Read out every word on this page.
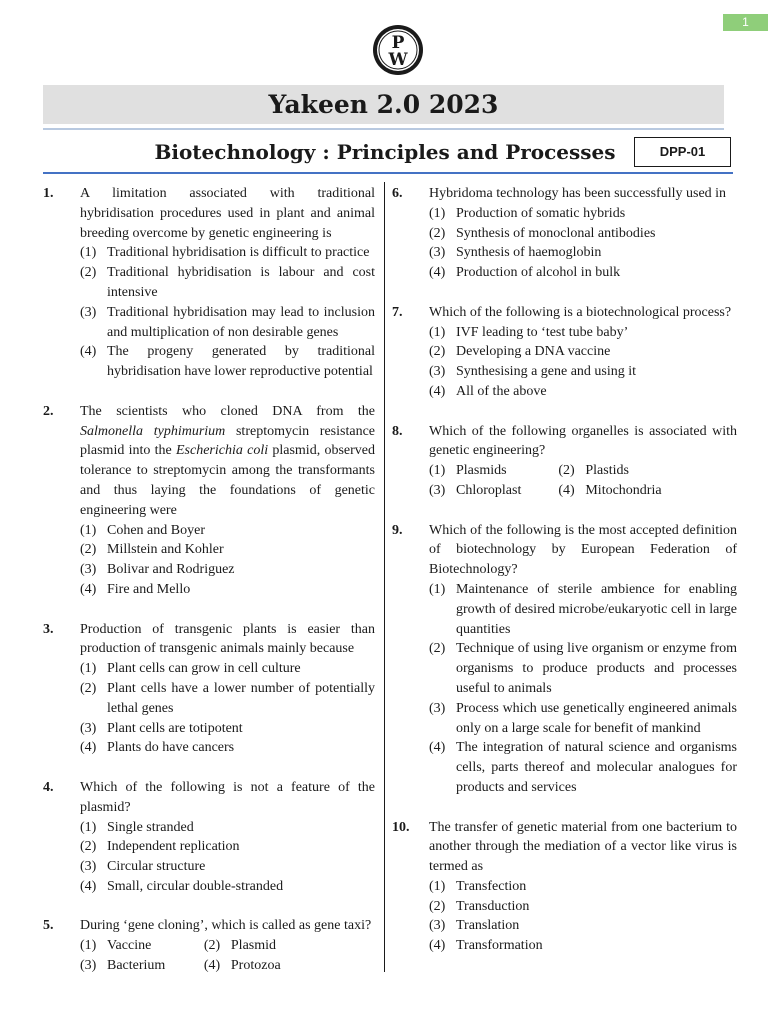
1
P
W
Yakeen 2.0 2023
Biotechnology : Principles and Processes	DPP-01
1.	A limitation associated with traditional hybridisation procedures used in plant and animal breeding overcome by genetic engineering is
(1) Traditional hybridisation is difficult to practice
(2) Traditional hybridisation is labour and cost intensive
(3) Traditional hybridisation may lead to inclusion and multiplication of non desirable genes
(4) The progeny generated by traditional hybridisation have lower reproductive potential
2.	The scientists who cloned DNA from the Salmonella typhimurium streptomycin resistance plasmid into the Escherichia coli plasmid, observed tolerance to streptomycin among the transformants and thus laying the foundations of genetic engineering were
(1) Cohen and Boyer
(2) Millstein and Kohler
(3) Bolivar and Rodriguez
(4) Fire and Mello
3.	Production of transgenic plants is easier than production of transgenic animals mainly because
(1) Plant cells can grow in cell culture
(2) Plant cells have a lower number of potentially lethal genes
(3) Plant cells are totipotent
(4) Plants do have cancers
4.	Which of the following is not a feature of the plasmid?
(1) Single stranded
(2) Independent replication
(3) Circular structure
(4) Small, circular double-stranded
5.	During ‘gene cloning’, which is called as gene taxi?
(1) Vaccine	(2) Plasmid
(3) Bacterium	(4) Protozoa
6.	Hybridoma technology has been successfully used in
(1) Production of somatic hybrids
(2) Synthesis of monoclonal antibodies
(3) Synthesis of haemoglobin
(4) Production of alcohol in bulk
7.	Which of the following is a biotechnological process?
(1) IVF leading to ‘test tube baby’
(2) Developing a DNA vaccine
(3) Synthesising a gene and using it
(4) All of the above
8.	Which of the following organelles is associated with genetic engineering?
(1) Plasmids	(2) Plastids
(3) Chloroplast	(4) Mitochondria
9.	Which of the following is the most accepted definition of biotechnology by European Federation of Biotechnology?
(1) Maintenance of sterile ambience for enabling growth of desired microbe/eukaryotic cell in large quantities
(2) Technique of using live organism or enzyme from organisms to produce products and processes useful to animals
(3) Process which use genetically engineered animals only on a large scale for benefit of mankind
(4) The integration of natural science and organisms cells, parts thereof and molecular analogues for products and services
10.	The transfer of genetic material from one bacterium to another through the mediation of a vector like virus is termed as
(1) Transfection
(2) Transduction
(3) Translation
(4) Transformation
